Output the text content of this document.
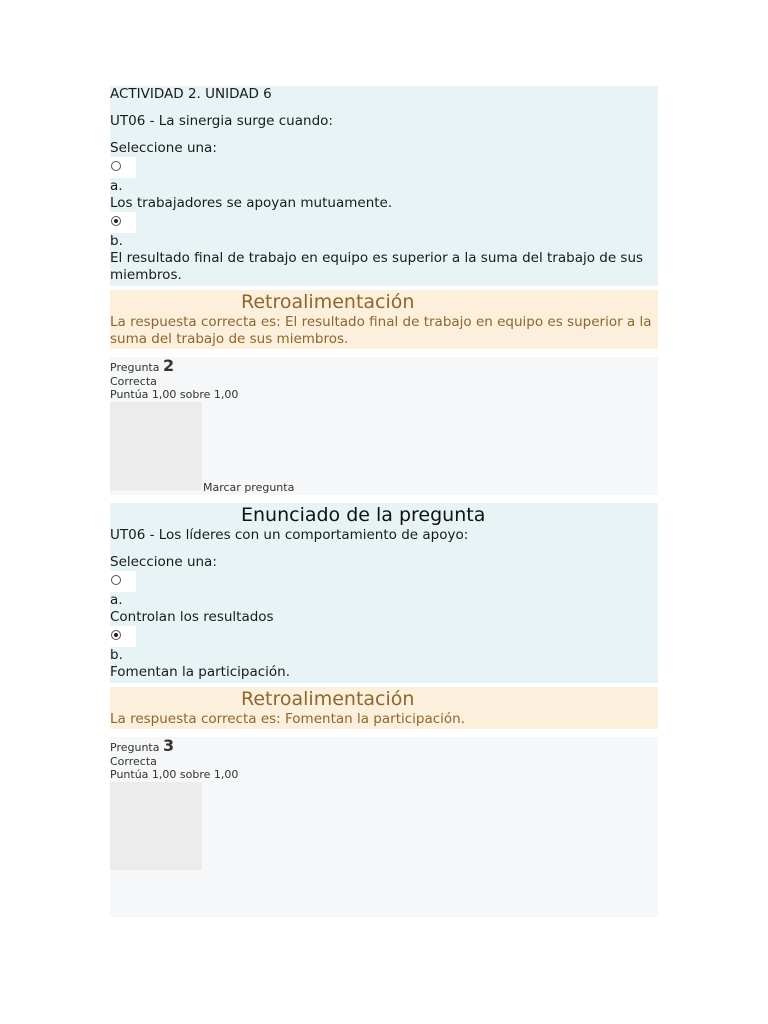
ACTIVIDAD 2. UNIDAD 6
UT06 - La sinergia surge cuando:
Seleccione una:
a.
Los trabajadores se apoyan mutuamente.
b.
El resultado final de trabajo en equipo es superior a la suma del trabajo de sus miembros.
Retroalimentación
La respuesta correcta es: El resultado final de trabajo en equipo es superior a la suma del trabajo de sus miembros.
Pregunta 2
Correcta
Puntúa 1,00 sobre 1,00
Marcar pregunta
Enunciado de la pregunta
UT06 - Los líderes con un comportamiento de apoyo:
Seleccione una:
a.
Controlan los resultados
b.
Fomentan la participación.
Retroalimentación
La respuesta correcta es: Fomentan la participación.
Pregunta 3
Correcta
Puntúa 1,00 sobre 1,00
